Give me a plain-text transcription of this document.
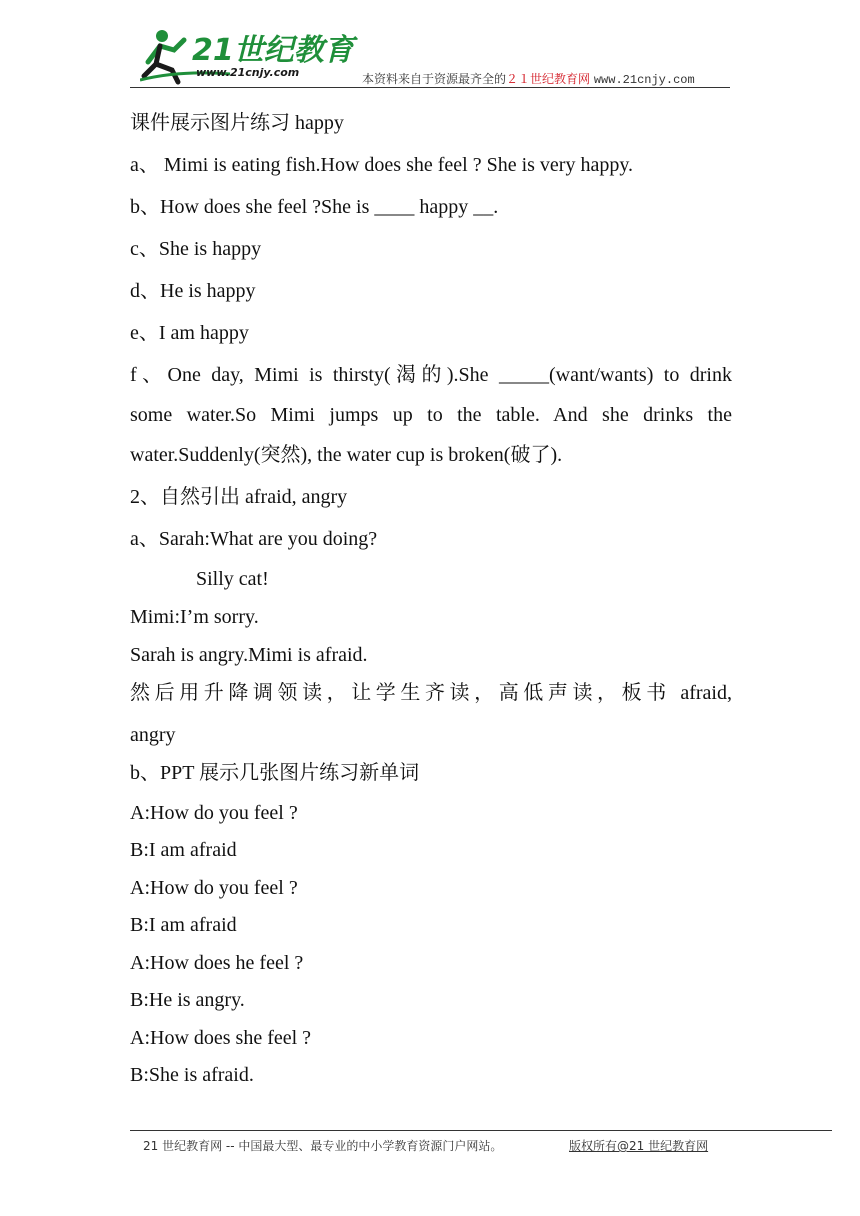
21世纪教育
www.21cnjy.com	本资料来自于资源最齐全的２１世纪教育网 www.21cnjy.com
课件展示图片练习 happy
a、 Mimi is eating fish.How does she feel ? She is very happy.
b、How does she feel ?She is ____ happy __.
c、She is happy
d、He is happy
e、I am happy
f、One day, Mimi is thirsty(渴的).She _____(want/wants) to drink
some water.So Mimi jumps up to the table. And she drinks the
water.Suddenly(突然), the water cup is broken(破了).
2、自然引出 afraid, angry
a、Sarah:What are you doing?
Silly cat!
Mimi:I’m sorry.
Sarah is angry.Mimi is afraid.
然后用升降调领读，让学生齐读，高低声读，板书 afraid,
angry
b、PPT 展示几张图片练习新单词
A:How do you feel ?
B:I am afraid
A:How do you feel ?
B:I am afraid
A:How does he feel ?
B:He is angry.
A:How does she feel ?
B:She is afraid.
21 世纪教育网 -- 中国最大型、最专业的中小学教育资源门户网站。	版权所有@21 世纪教育网
